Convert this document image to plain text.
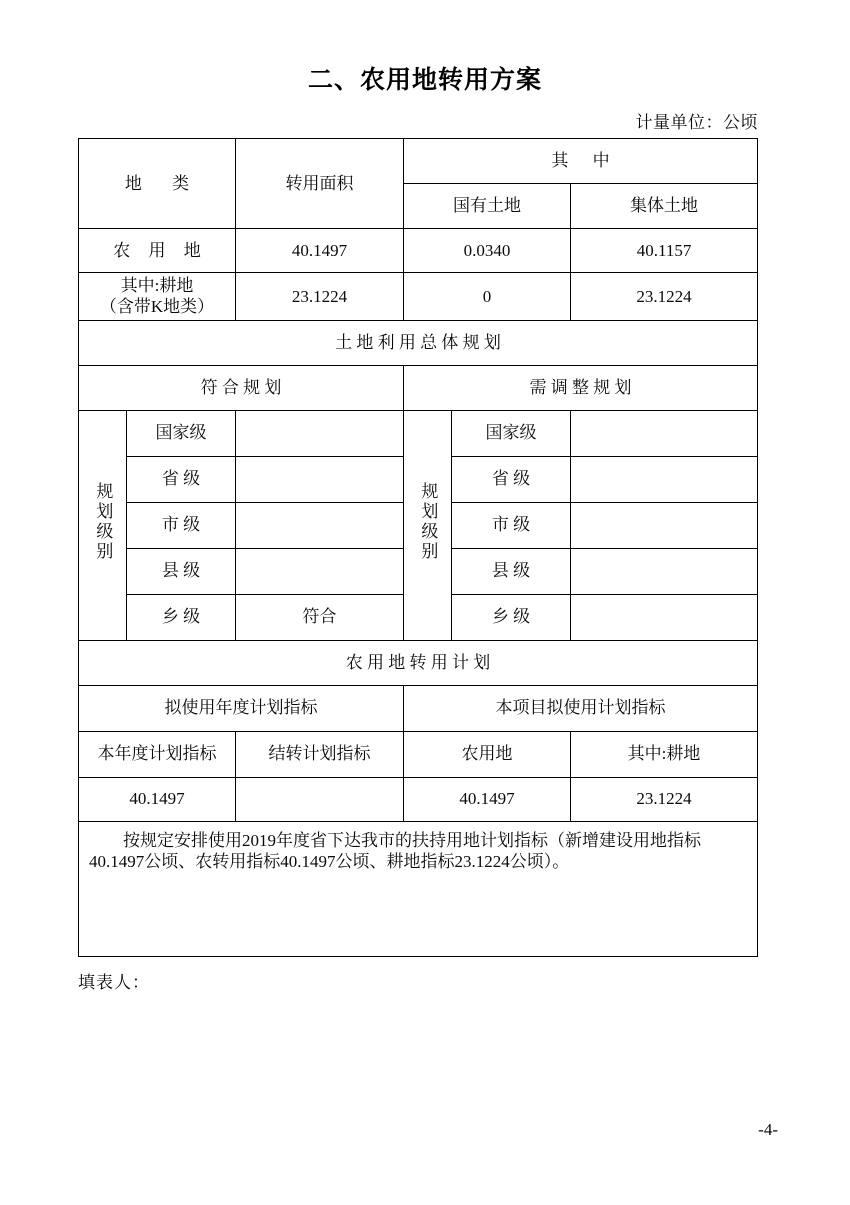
二、农用地转用方案
计量单位：公顷
地 类		转用面积	其 中		
			国有土地		集体土地
农 用 地		40.1497	0.0340		40.1157

其中:耕地
（含带K地类）		23.1224	0		23.1224
土 地 利 用 总 体 规 划					
符 合 规 划			需 调 整 规 划		
规划级别	国家级		规划级别	国家级	
	省 级			省 级	
	市 级			市 级	
	县 级			县 级	
	乡 级	符合		乡 级	
农 用 地 转 用 计 划					
拟使用年度计划指标			本项目拟使用计划指标		
本年度计划指标		结转计划指标	农用地		其中:耕地
40.1497			40.1497		23.1224

按规定安排使用2019年度省下达我市的扶持用地计划指标（新增建设用地指标40.1497公顷、农转用指标40.1497公顷、耕地指标23.1224公顷）。					

填表人：
-4-
